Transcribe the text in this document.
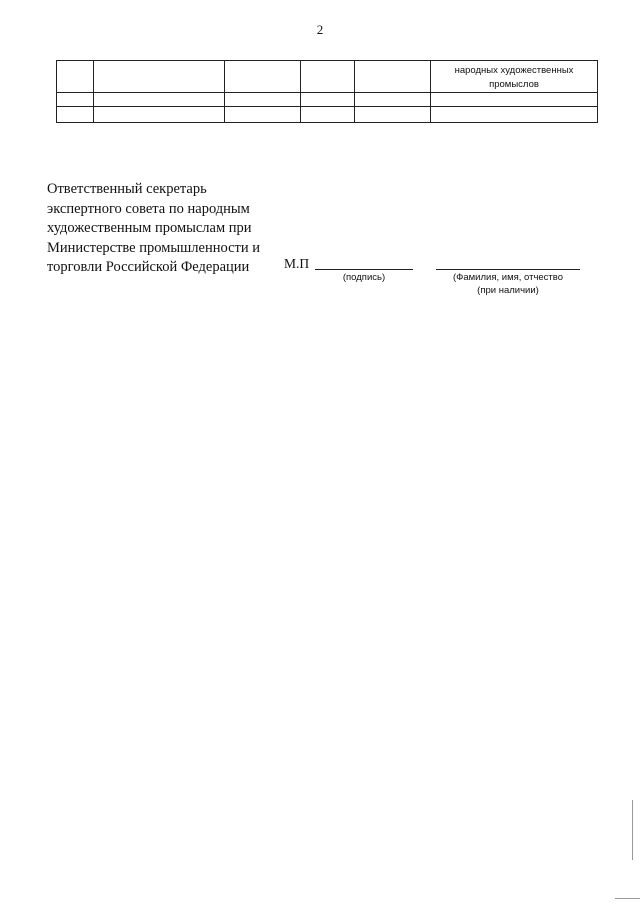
2

					народных художественных промыслов

Ответственный секретарь
экспертного совета по народным
художественным промыслам при
Министерстве промышленности и
торговли Российской Федерации	М.П
(подпись)	(Фамилия, имя, отчество
(при наличии)
